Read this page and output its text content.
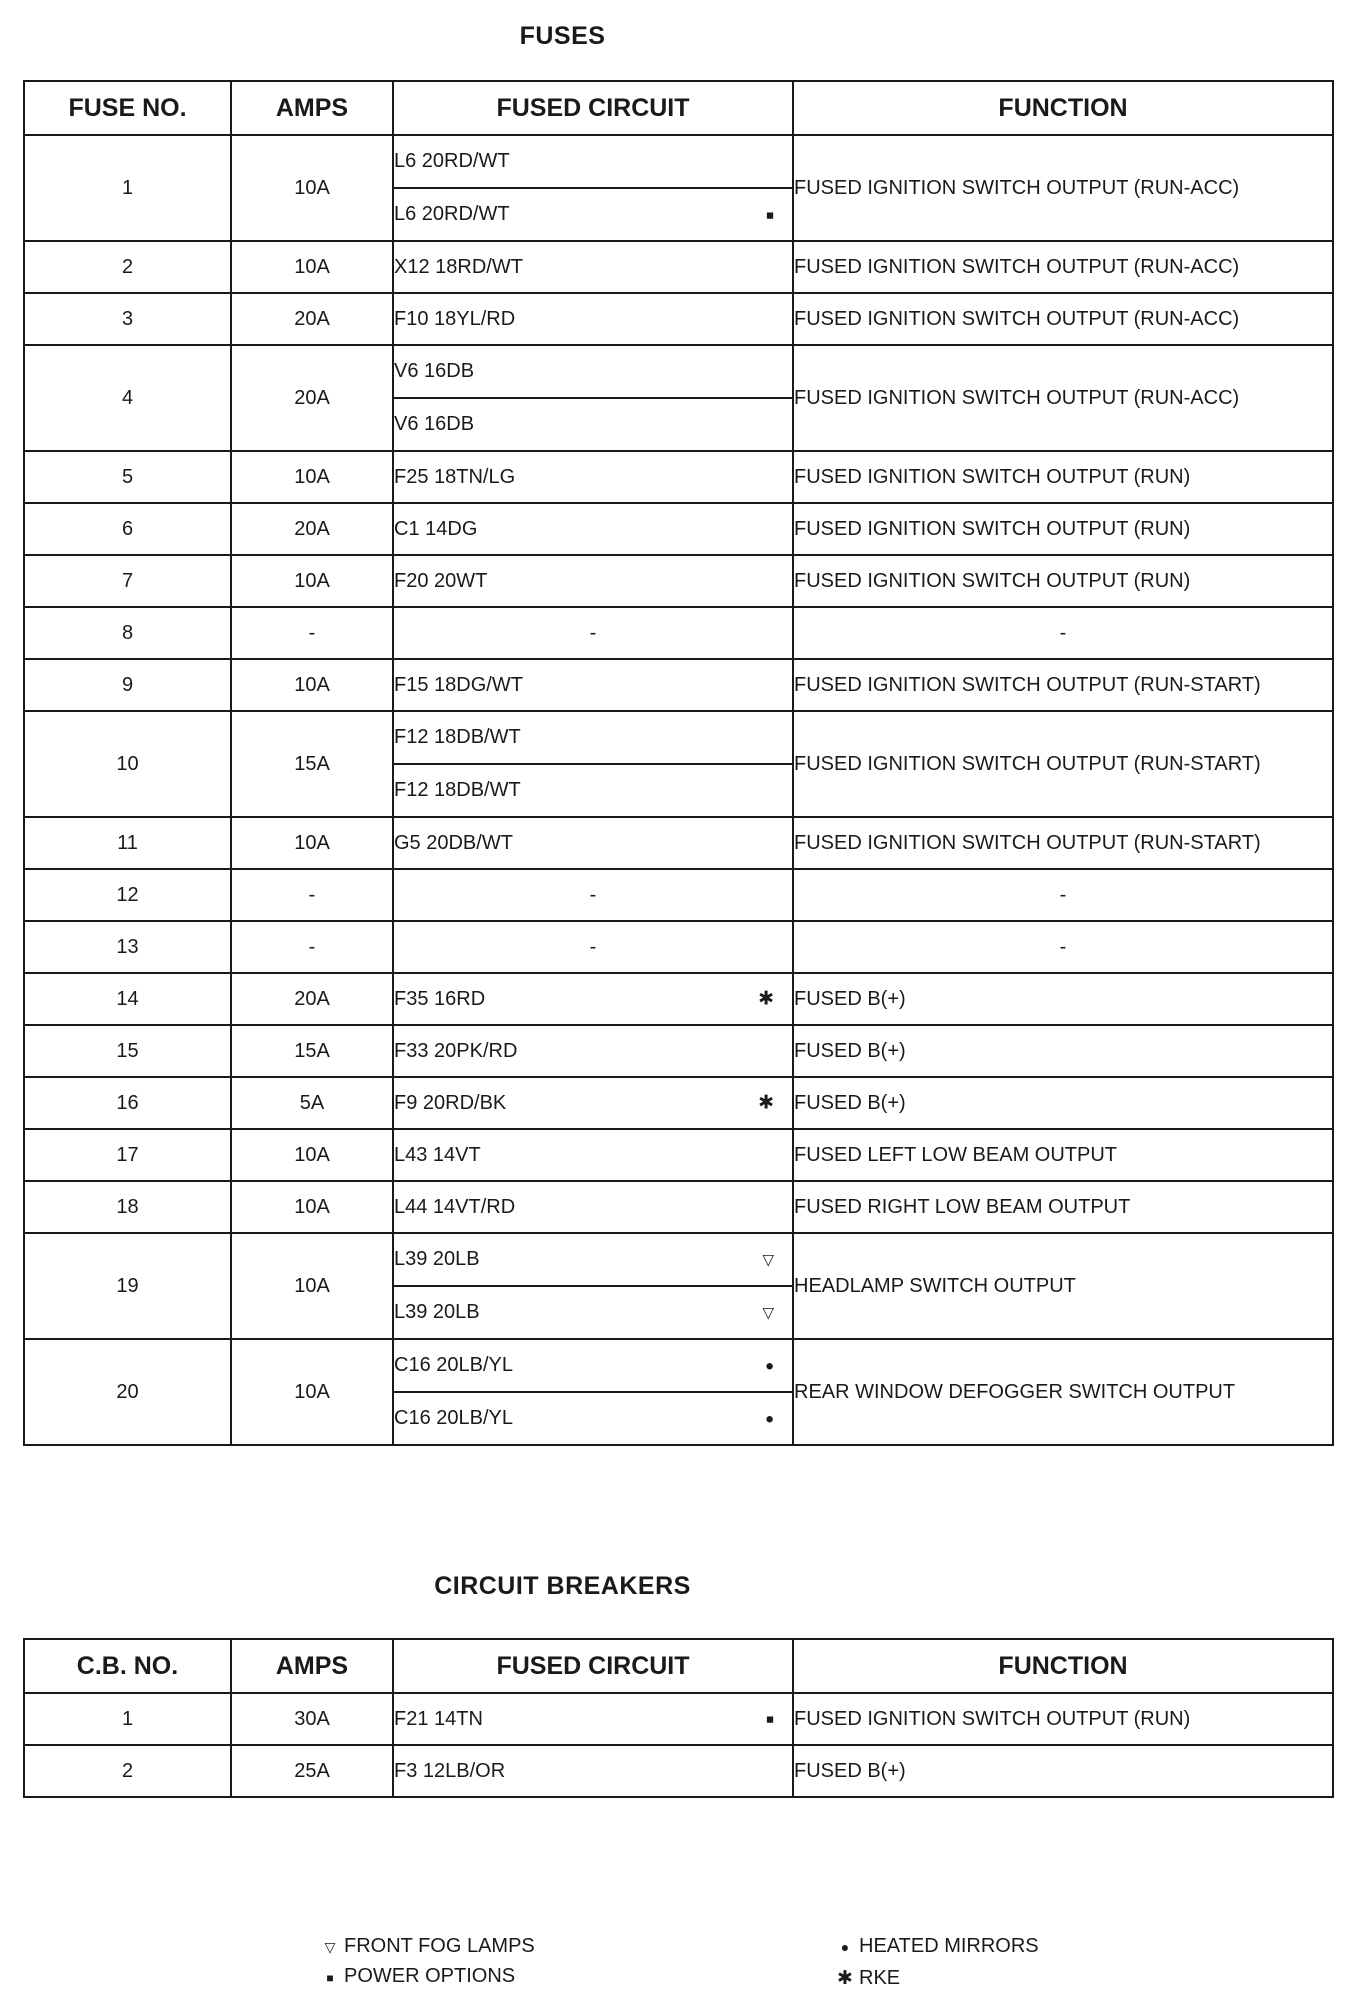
FUSES
FUSE NO.	AMPS	FUSED CIRCUIT	FUNCTION
1	10A	L6 20RD/WT	FUSED IGNITION SWITCH OUTPUT (RUN-ACC)
		L6 20RD/WT ■	

2	10A	X12 18RD/WT	FUSED IGNITION SWITCH OUTPUT (RUN-ACC)
3	20A	F10 18YL/RD	FUSED IGNITION SWITCH OUTPUT (RUN-ACC)
4	20A	V6 16DB	FUSED IGNITION SWITCH OUTPUT (RUN-ACC)
		V6 16DB	
5	10A	F25 18TN/LG	FUSED IGNITION SWITCH OUTPUT (RUN)
6	20A	C1 14DG	FUSED IGNITION SWITCH OUTPUT (RUN)
7	10A	F20 20WT	FUSED IGNITION SWITCH OUTPUT (RUN)
8	-	-	-
9	10A	F15 18DG/WT	FUSED IGNITION SWITCH OUTPUT (RUN-START)
10	15A	F12 18DB/WT	FUSED IGNITION SWITCH OUTPUT (RUN-START)
		F12 18DB/WT	
11	10A	G5 20DB/WT	FUSED IGNITION SWITCH OUTPUT (RUN-START)
12	-	-	-
13	-	-	-
14	20A	F35 16RD ✱	FUSED B(+)
15	15A	F33 20PK/RD	FUSED B(+)
16	5A	F9 20RD/BK ✱	FUSED B(+)
17	10A	L43 14VT	FUSED LEFT LOW BEAM OUTPUT
18	10A	L44 14VT/RD	FUSED RIGHT LOW BEAM OUTPUT
19	10A	L39 20LB ▽	HEADLAMP SWITCH OUTPUT
		L39 20LB ▽	

20	10A	C16 20LB/YL ●	REAR WINDOW DEFOGGER SWITCH OUTPUT
		C16 20LB/YL ●	
CIRCUIT BREAKERS
C.B. NO.	AMPS	FUSED CIRCUIT	FUNCTION
1	30A	F21 14TN ■	FUSED IGNITION SWITCH OUTPUT (RUN)
2	25A	F3 12LB/OR	FUSED B(+)
▽ FRONT FOG LAMPS
■ POWER OPTIONS
● HEATED MIRRORS
✱ RKE
